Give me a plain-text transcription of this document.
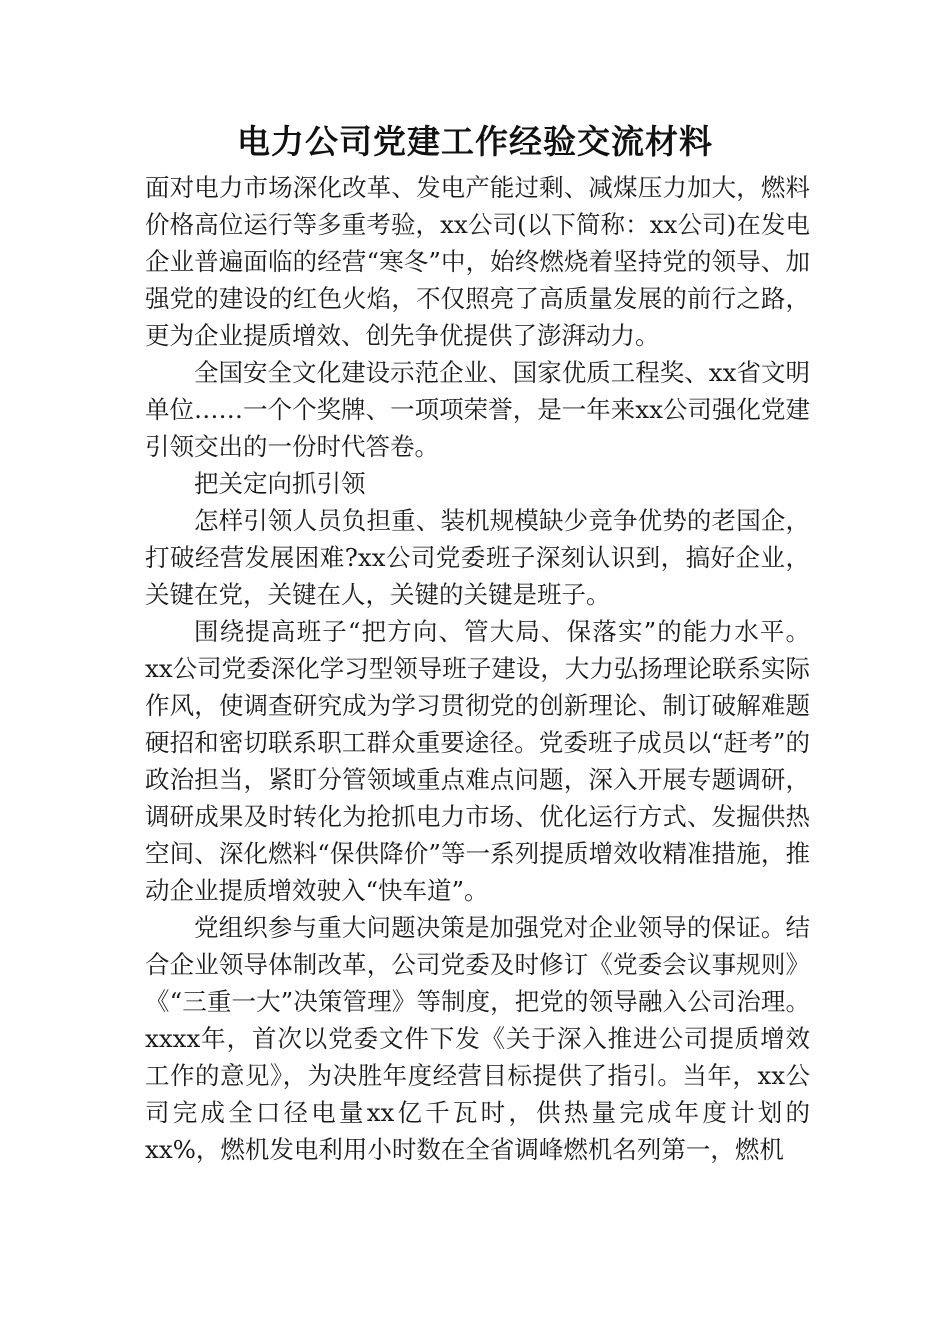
电力公司党建工作经验交流材料

面对电力市场深化改革、发电产能过剩、减煤压力加大，燃料价格高位运行等多重考验，xx公司(以下简称：xx公司)在发电企业普遍面临的经营“寒冬”中，始终燃烧着坚持党的领导、加强党的建设的红色火焰，不仅照亮了高质量发展的前行之路，更为企业提质增效、创先争优提供了澎湃动力。

全国安全文化建设示范企业、国家优质工程奖、xx省文明单位……一个个奖牌、一项项荣誉，是一年来xx公司强化党建引领交出的一份时代答卷。

把关定向抓引领

怎样引领人员负担重、装机规模缺少竞争优势的老国企，打破经营发展困难?xx公司党委班子深刻认识到，搞好企业，关键在党，关键在人，关键的关键是班子。

围绕提高班子“把方向、管大局、保落实”的能力水平。xx公司党委深化学习型领导班子建设，大力弘扬理论联系实际作风，使调查研究成为学习贯彻党的创新理论、制订破解难题硬招和密切联系职工群众重要途径。党委班子成员以“赶考”的政治担当，紧盯分管领域重点难点问题，深入开展专题调研，调研成果及时转化为抢抓电力市场、优化运行方式、发掘供热空间、深化燃料“保供降价”等一系列提质增效收精准措施，推动企业提质增效驶入“快车道”。

党组织参与重大问题决策是加强党对企业领导的保证。结合企业领导体制改革，公司党委及时修订《党委会议事规则》《“三重一大”决策管理》等制度，把党的领导融入公司治理。xxxx年，首次以党委文件下发《关于深入推进公司提质增效工作的意见》，为决胜年度经营目标提供了指引。当年，xx公司完成全口径电量xx亿千瓦时，供热量完成年度计划的xx%，燃机发电利用小时数在全省调峰燃机名列第一，燃机
